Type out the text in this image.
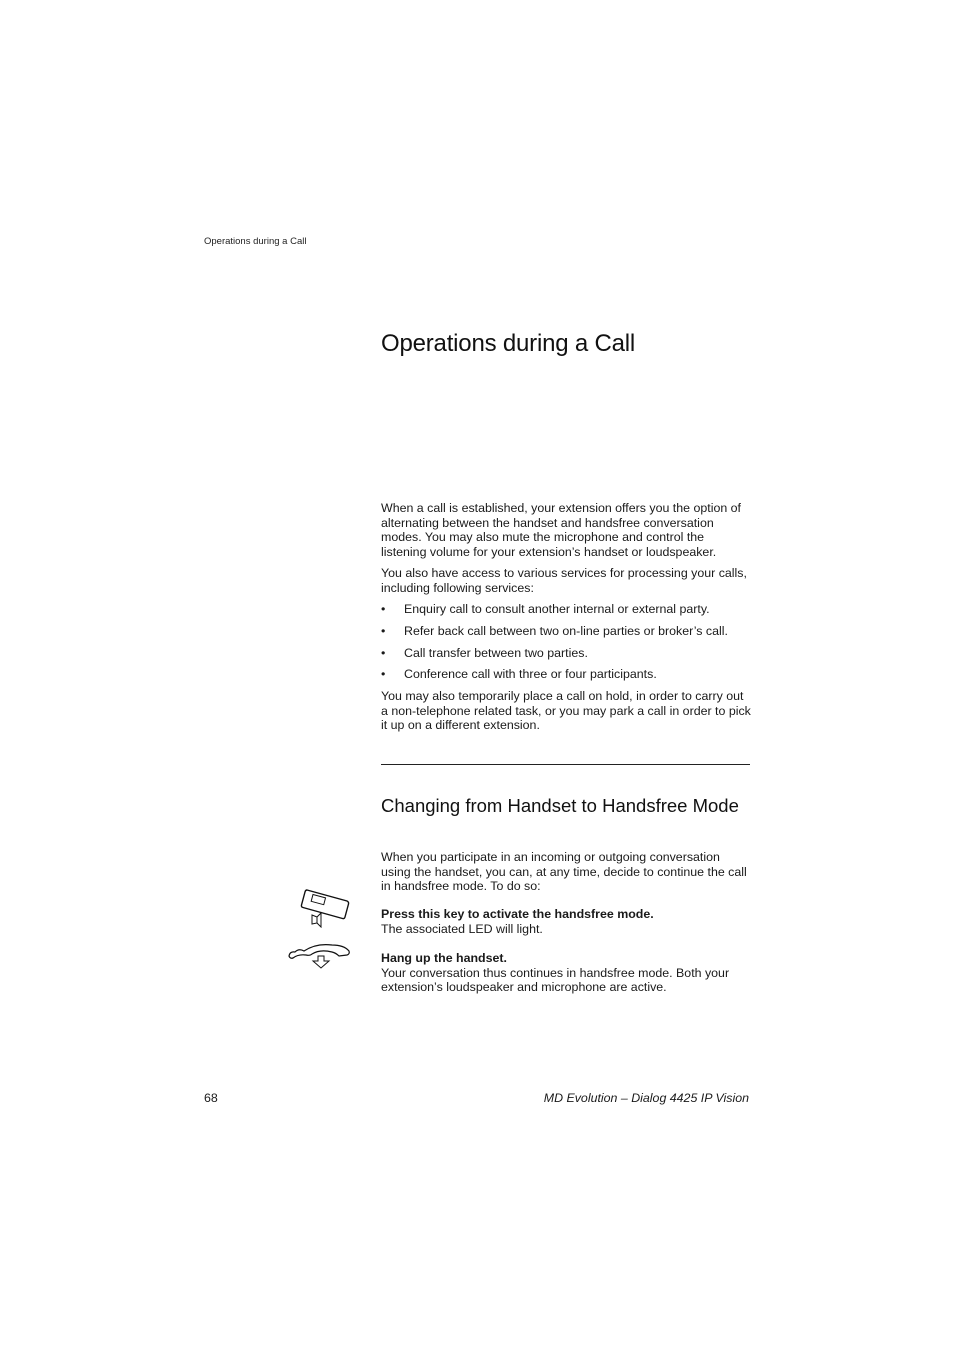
Operations during a Call
Operations during a Call

When a call is established, your extension offers you the option of alternating between the handset and handsfree conversation modes. You may also mute the microphone and control the listening volume for your extension’s handset or loudspeaker.

You also have access to various services for processing your calls, including following services:

• Enquiry call to consult another internal or external party.
• Refer back call between two on-line parties or broker’s call.
• Call transfer between two parties.
• Conference call with three or four participants.

You may also temporarily place a call on hold, in order to carry out a non-telephone related task, or you may park a call in order to pick it up on a different extension.

Changing from Handset to Handsfree Mode

When you participate in an incoming or outgoing conversation using the handset, you can, at any time, decide to continue the call in handsfree mode. To do so:

Press this key to activate the handsfree mode.
The associated LED will light.
Hang up the handset.
Your conversation thus continues in handsfree mode. Both your extension’s loudspeaker and microphone are active.
68	MD Evolution – Dialog 4425 IP Vision
